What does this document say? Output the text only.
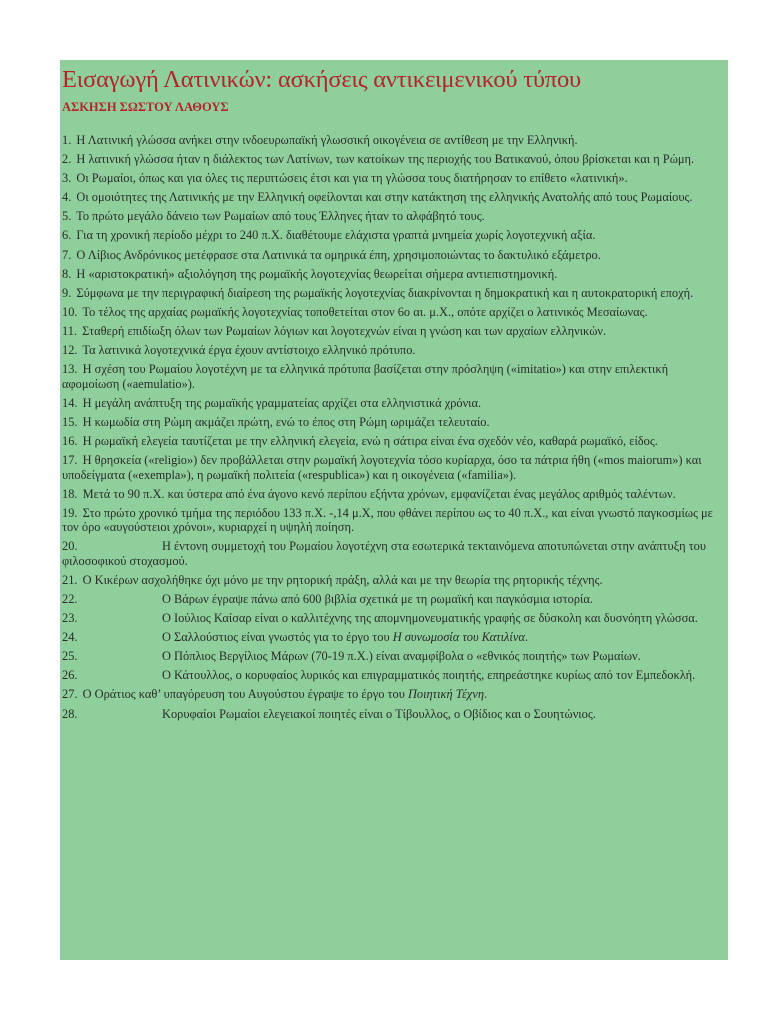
Εισαγωγή Λατινικών: ασκήσεις αντικειμενικού τύπου
ΑΣΚΗΣΗ ΣΩΣΤΟΥ ΛΑΘΟΥΣ
1. Η Λατινική γλώσσα ανήκει στην ινδοευρωπαϊκή γλωσσική οικογένεια σε αντίθεση με την Ελληνική.
2. Η λατινική γλώσσα ήταν η διάλεκτος των Λατίνων, των κατοίκων της περιοχής του Βατικανού, όπου βρίσκεται και η Ρώμη.
3. Οι Ρωμαίοι, όπως και για όλες τις περιπτώσεις έτσι και για τη γλώσσα τους διατήρησαν το επίθετο «λατινική».
4. Οι ομοιότητες της Λατινικής με την Ελληνική οφείλονται και στην κατάκτηση της ελληνικής Ανατολής από τους Ρωμαίους.
5. Το πρώτο μεγάλο δάνειο των Ρωμαίων από τους Έλληνες ήταν το αλφάβητό τους.
6. Για τη χρονική περίοδο μέχρι το 240 π.Χ. διαθέτουμε ελάχιστα γραπτά μνημεία χωρίς λογοτεχνική αξία.
7. Ο Λίβιος Ανδρόνικος μετέφρασε στα Λατινικά τα ομηρικά έπη, χρησιμοποιώντας το δακτυλικό εξάμετρο.
8. Η «αριστοκρατική» αξιολόγηση της ρωμαϊκής λογοτεχνίας θεωρείται σήμερα αντιεπιστημονική.
9. Σύμφωνα με την περιγραφική διαίρεση της ρωμαϊκής λογοτεχνίας διακρίνονται η δημοκρατική και η αυτοκρατορική εποχή.
10. Το τέλος της αρχαίας ρωμαϊκής λογοτεχνίας τοποθετείται στον 6ο αι. μ.Χ., οπότε αρχίζει ο λατινικός Μεσαίωνας.
11. Σταθερή επιδίωξη όλων των Ρωμαίων λόγιων και λογοτεχνών είναι η γνώση και των αρχαίων ελληνικών.
12. Τα λατινικά λογοτεχνικά έργα έχουν αντίστοιχο ελληνικό πρότυπο.
13. Η σχέση του Ρωμαίου λογοτέχνη με τα ελληνικά πρότυπα βασίζεται στην πρόσληψη («imitatio») και στην επιλεκτική αφομοίωση («aemulatio»).
14. Η μεγάλη ανάπτυξη της ρωμαϊκής γραμματείας αρχίζει στα ελληνιστικά χρόνια.
15. Η κωμωδία στη Ρώμη ακμάζει πρώτη, ενώ το έπος στη Ρώμη ωριμάζει τελευταίο.
16. Η ρωμαϊκή ελεγεία ταυτίζεται με την ελληνική ελεγεία, ενώ η σάτιρα είναι ένα σχεδόν νέο, καθαρά ρωμαϊκό, είδος.
17. Η θρησκεία («religio») δεν προβάλλεται στην ρωμαϊκή λογοτεχνία τόσο κυρίαρχα, όσο τα πάτρια ήθη («mos maiorum») και υποδείγματα («exempla»), η ρωμαϊκή πολιτεία («respublica») και η οικογένεια («familia»).
18. Μετά το 90 π.Χ. και ύστερα από ένα άγονο κενό περίπου εξήντα χρόνων, εμφανίζεται ένας μεγάλος αριθμός ταλέντων.
19. Στο πρώτο χρονικό τμήμα της περιόδου 133 π.Χ. -,14 μ.Χ, που φθάνει περίπου ως το 40 π.Χ., και είναι γνωστό παγκοσμίως με τον όρο «αυγούστειοι χρόνοι», κυριαρχεί η υψηλή ποίηση.
20.	Η έντονη συμμετοχή του Ρωμαίου λογοτέχνη στα εσωτερικά τεκταινόμενα αποτυπώνεται στην ανάπτυξη του φιλοσοφικού στοχασμού.
21. Ο Κικέρων ασχολήθηκε όχι μόνο με την ρητορική πράξη, αλλά και με την θεωρία της ρητορικής τέχνης.
22.	Ο Βάρων έγραψε πάνω από 600 βιβλία σχετικά με τη ρωμαϊκή και παγκόσμια ιστορία.
23.	Ο Ιούλιος Καίσαρ είναι ο καλλιτέχνης της απομνημονευματικής γραφής σε δύσκολη και δυσνόητη γλώσσα.
24.	Ο Σαλλούστιος είναι γνωστός για το έργο του Η συνωμοσία του Κατιλίνα.
25.	Ο Πόπλιος Βεργίλιος Μάρων (70-19 π.Χ.) είναι αναμφίβολα ο «εθνικός ποιητής» των Ρωμαίων.
26.	Ο Κάτουλλος, ο κορυφαίος λυρικός και επιγραμματικός ποιητής, επηρεάστηκε κυρίως από τον Εμπεδοκλή.
27. Ο Οράτιος καθ’ υπαγόρευση του Αυγούστου έγραψε το έργο του Ποιητική Τέχνη.
28.	Κορυφαίοι Ρωμαίοι ελεγειακοί ποιητές είναι ο Τίβουλλος, ο Οβίδιος και ο Σουητώνιος.
